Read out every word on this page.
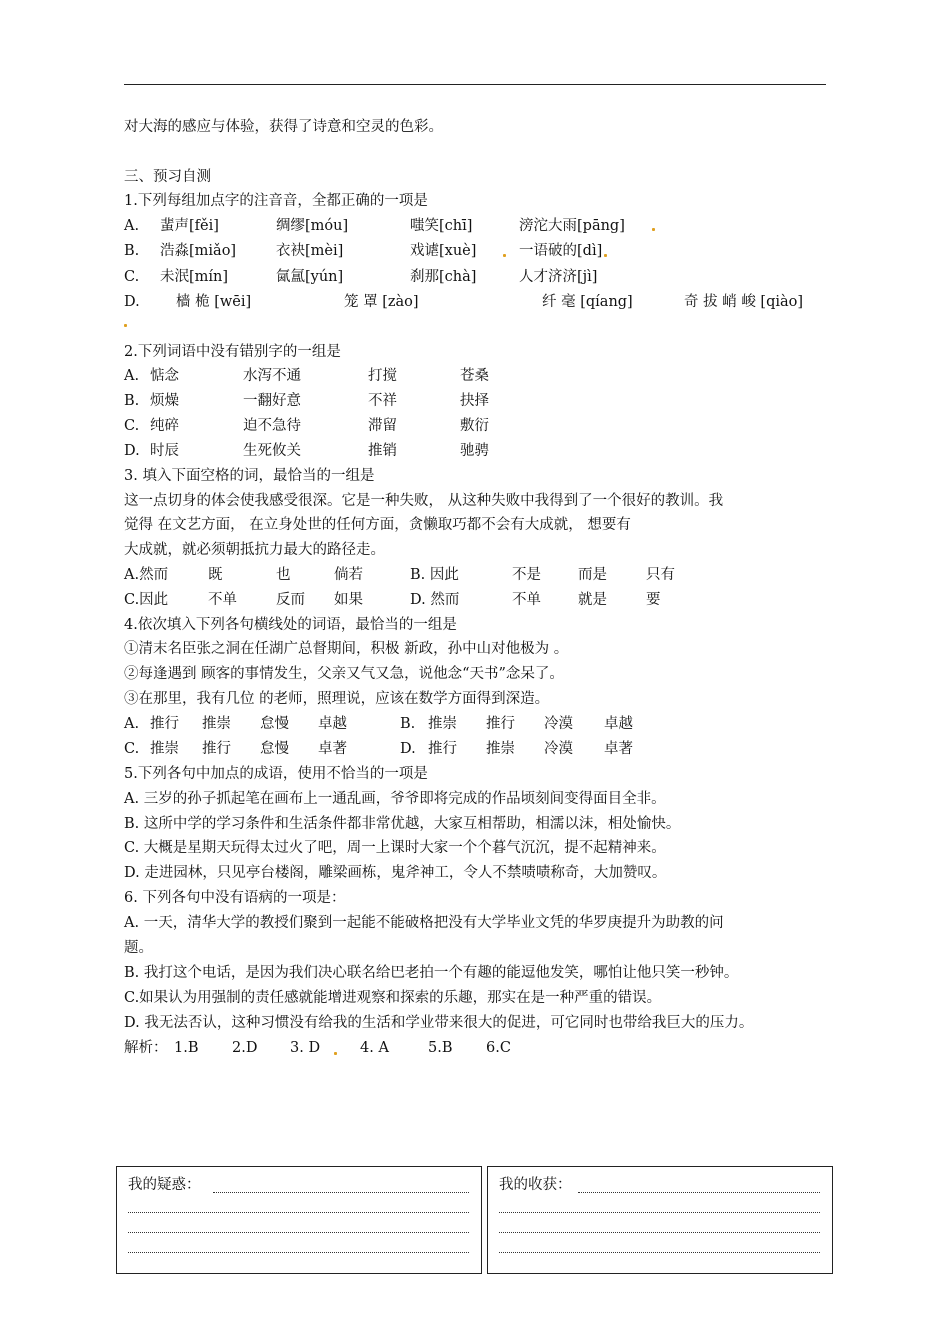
对大海的感应与体验，获得了诗意和空灵的色彩。
三、预习自测
1.下列每组加点字的注音音，全都正确的一项是
A. 蜚声[fěi]	绸缪[móu]	嗤笑[chī]	滂沱大雨[pāng]
B. 浩淼[miǎo]	衣袂[mèi]	戏谑[xuè]	一语破的[dì]
C. 未泯[mín]	氤氲[yún]	刹那[chà]	人才济济[jì]
D.	樯 桅 [wēi]	笼 罩 [zào]	纤 毫 [qíang]	奇 拔 峭 峻 [qiào]
2.下列词语中没有错别字的一组是
A. 惦念	水泻不通	打搅	苍桑
B. 烦燥	一翻好意	不祥	抉择
C. 纯碎	迫不急待	滞留	敷衍
D. 时辰	生死攸关	推销	驰骋
3. 填入下面空格的词，最恰当的一组是
这一点切身的体会使我感受很深。它是一种失败， 从这种失败中我得到了一个很好的教训。我
觉得 在文艺方面， 在立身处世的任何方面，贪懒取巧都不会有大成就， 想要有
大成就，就必须朝抵抗力最大的路径走。
A.然而	既	也	倘若	B. 因此	不是	而是	只有
C.因此	不单	反而 如果	D. 然而	不单	就是	要
4.依次填入下列各句横线处的词语，最恰当的一组是
①清末名臣张之洞在任湖广总督期间，积极 新政，孙中山对他极为 。
②每逢遇到 顾客的事情发生，父亲又气又急，说他念“天书”念呆了。
③在那里，我有几位 的老师，照理说，应该在数学方面得到深造。
A. 推行 推崇 怠慢 卓越	B. 推崇 推行 冷漠 卓越
C. 推崇 推行 怠慢 卓著	D. 推行 推崇 冷漠 卓著
5.下列各句中加点的成语，使用不恰当的一项是
A. 三岁的孙子抓起笔在画布上一通乱画，爷爷即将完成的作品顷刻间变得面目全非。
B. 这所中学的学习条件和生活条件都非常优越，大家互相帮助，相濡以沫，相处愉快。
C. 大概是星期天玩得太过火了吧，周一上课时大家一个个暮气沉沉，提不起精神来。
D. 走进园林，只见亭台楼阁，雕梁画栋，鬼斧神工，令人不禁啧啧称奇，大加赞叹。
6. 下列各句中没有语病的一项是：
A. 一天，清华大学的教授们聚到一起能不能破格把没有大学毕业文凭的华罗庚提升为助教的问
题。
B. 我打这个电话，是因为我们决心联名给巴老拍一个有趣的能逗他发笑，哪怕让他只笑一秒钟。
C.如果认为用强制的责任感就能增进观察和探索的乐趣，那实在是一种严重的错误。
D. 我无法否认，这种习惯没有给我的生活和学业带来很大的促进，可它同时也带给我巨大的压力。
解析： 1.B 2.D 3. D	4. A	5.B 6.C
我的疑惑：	我的收获：
